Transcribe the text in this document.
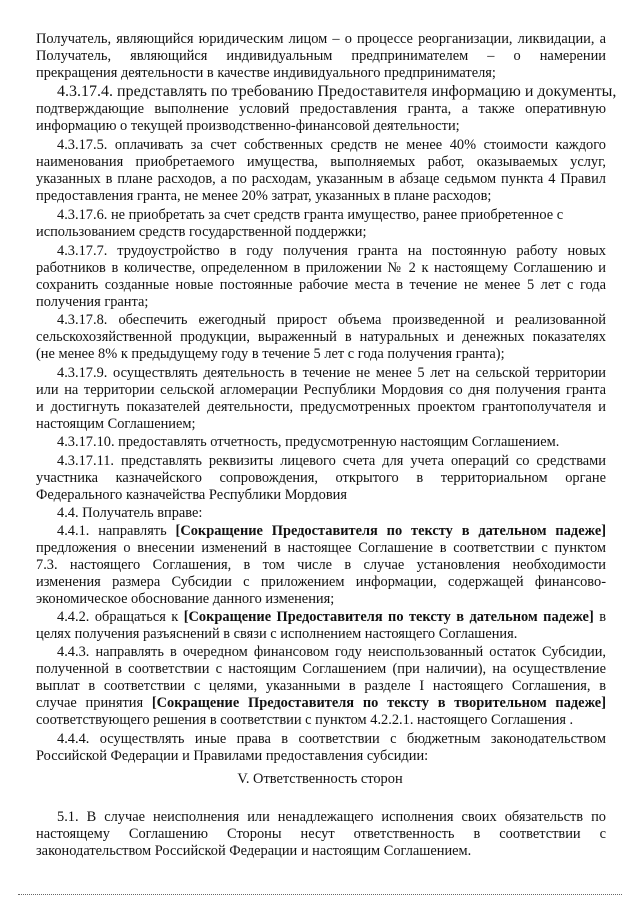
Получатель, являющийся юридическим лицом – о процессе реорганизации, ликвидации, а
Получатель, являющийся индивидуальным предпринимателем – о намерении
прекращения деятельности в качестве индивидуального предпринимателя;
4.3.17.4. представлять по требованию Предоставителя информацию и документы,
подтверждающие выполнение условий предоставления гранта, а также оперативную
информацию о текущей производственно-финансовой деятельности;
4.3.17.5. оплачивать за счет собственных средств не менее 40% стоимости каждого
наименования приобретаемого имущества, выполняемых работ, оказываемых услуг,
указанных в плане расходов, а по расходам, указанным в абзаце седьмом пункта 4 Правил
предоставления гранта, не менее 20% затрат, указанных в плане расходов;
4.3.17.6. не приобретать за счет средств гранта имущество, ранее приобретенное с
использованием средств государственной поддержки;
4.3.17.7. трудоустройство в году получения гранта на постоянную работу новых
работников в количестве, определенном в приложении № 2 к настоящему Соглашению и
сохранить созданные новые постоянные рабочие места в течение не менее 5 лет с года
получения гранта;
4.3.17.8. обеспечить ежегодный прирост объема произведенной и реализованной
сельскохозяйственной продукции, выраженный в натуральных и денежных показателях
(не менее 8% к предыдущему году в течение 5 лет с года получения гранта);
4.3.17.9. осуществлять деятельность в течение не менее 5 лет на сельской территории
или на территории сельской агломерации Республики Мордовия со дня получения гранта
и достигнуть показателей деятельности, предусмотренных проектом грантополучателя и
настоящим Соглашением;
4.3.17.10. предоставлять отчетность, предусмотренную настоящим Соглашением.
4.3.17.11. представлять реквизиты лицевого счета для учета операций со средствами
участника казначейского сопровождения, открытого в территориальном органе
Федерального казначейства Республики Мордовия
4.4. Получатель вправе:
4.4.1. направлять [Сокращение Предоставителя по тексту в дательном падеже]
предложения о внесении изменений в настоящее Соглашение в соответствии с пунктом
7.3. настоящего Соглашения, в том числе в случае установления необходимости
изменения размера Субсидии с приложением информации, содержащей финансово-
экономическое обоснование данного изменения;
4.4.2. обращаться к [Сокращение Предоставителя по тексту в дательном падеже] в
целях получения разъяснений в связи с исполнением настоящего Соглашения.
4.4.3. направлять в очередном финансовом году неиспользованный остаток Субсидии,
полученной в соответствии с настоящим Соглашением (при наличии), на осуществление
выплат в соответствии с целями, указанными в разделе I настоящего Соглашения, в
случае принятия [Сокращение Предоставителя по тексту в творительном падеже]
соответствующего решения в соответствии с пунктом 4.2.2.1. настоящего Соглашения .
4.4.4. осуществлять иные права в соответствии с бюджетным законодательством
Российской Федерации и Правилами предоставления субсидии:
V. Ответственность сторон
5.1. В случае неисполнения или ненадлежащего исполнения своих обязательств по
настоящему Соглашению Стороны несут ответственность в соответствии с
законодательством Российской Федерации и настоящим Соглашением.
